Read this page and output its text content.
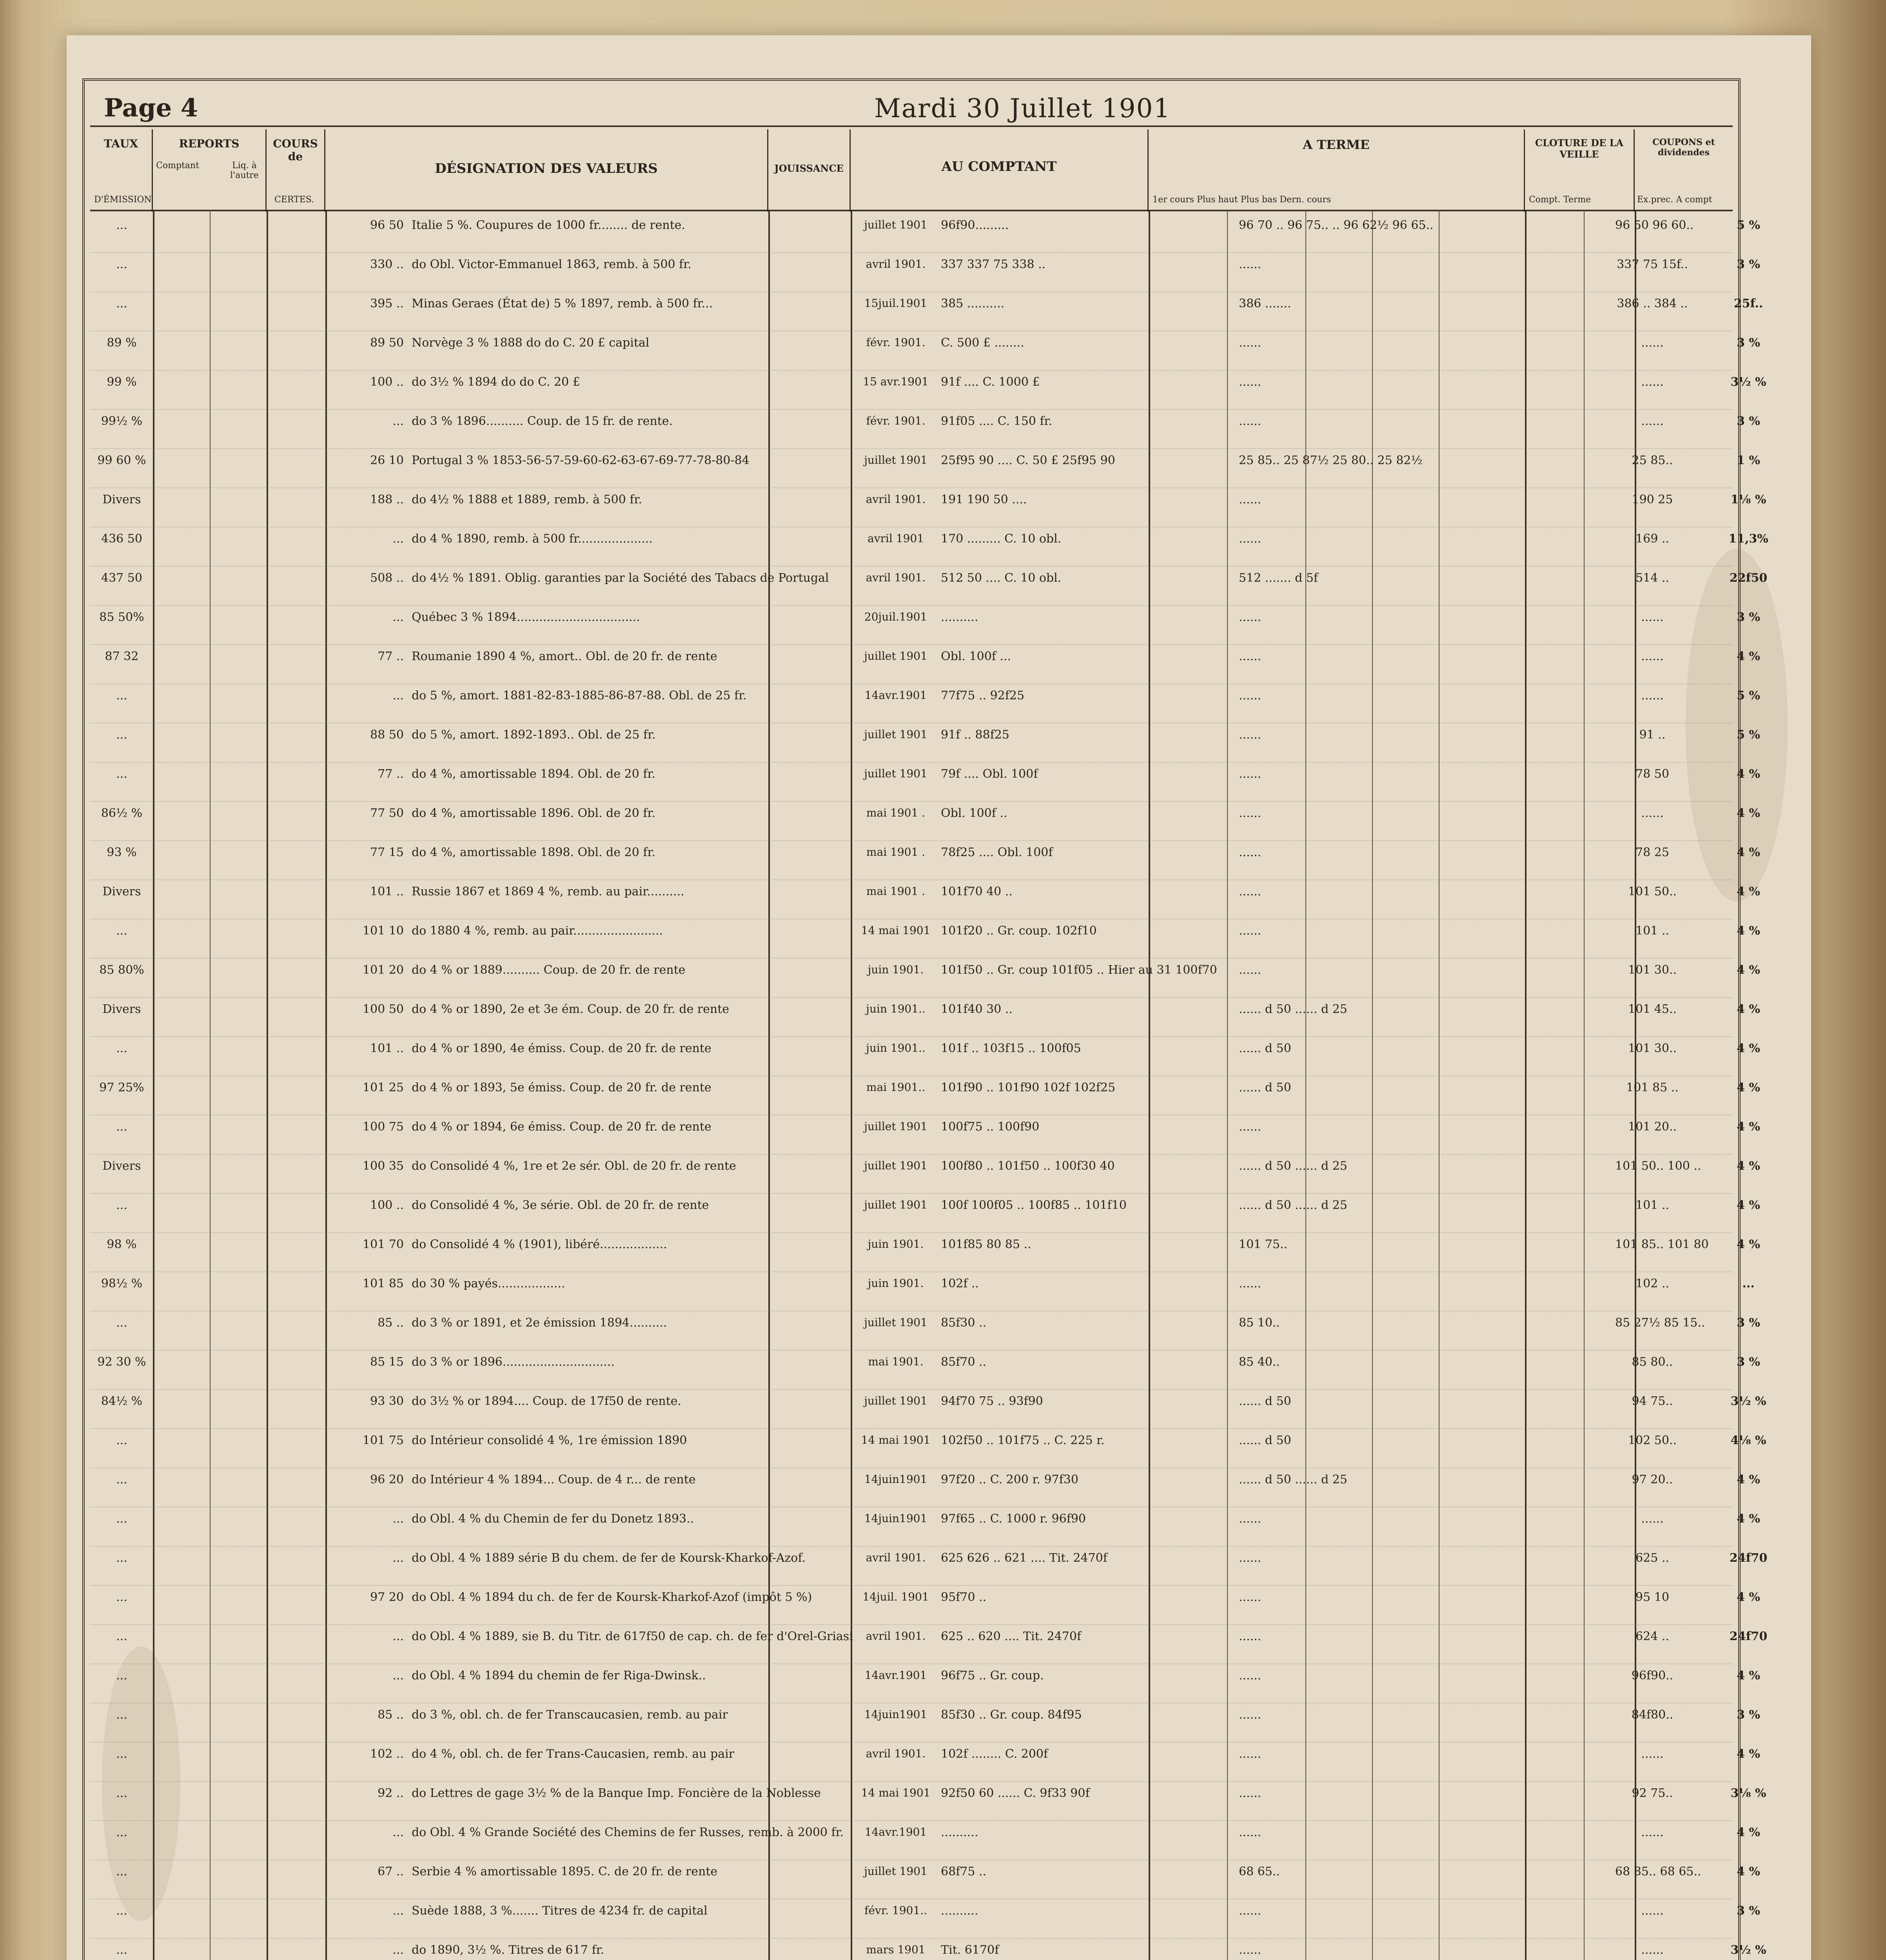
Page 4	Mardi 30 Juillet 1901
TAUX
D'ÉMISSION
REPORTS
Comptant	Liq. à l'autre
COURS de
CERTES.
DÉSIGNATION DES VALEURS	JOUISSANCE	AU COMPTANT
A TERME
1er cours Plus haut Plus bas Dern. cours
CLOTURE DE LA VEILLE
Compt. Terme
COUPONS et dividendes
Ex.prec. A compt
...	96 50 Italie 5 %. Coupures de 1000 fr........ de rente.	juillet 1901	96f90.........	96 70 .. 96 75.. .. 96 62½ 96 65..	96 50 96 60..	5 %
...	330 .. do Obl. Victor-Emmanuel 1863, remb. à 500 fr.	avril 1901.	337 337 75 338 ..	......	337 75 15f..	3 %
...	395 .. Minas Geraes (État de) 5 % 1897, remb. à 500 fr...	15juil.1901	385 ..........	386 .......	386 .. 384 ..	25f..
89 %	89 50 Norvège 3 % 1888 do do C. 20 £ capital	févr. 1901.	C. 500 £ ........	......	......	3 %
99 %	100 .. do 3½ % 1894 do do C. 20 £	15 avr.1901	91f .... C. 1000 £	......	......	3½ %
99½ %	... do 3 % 1896.......... Coup. de 15 fr. de rente.	févr. 1901.	91f05 .... C. 150 fr.	......	......	3 %
99 60 %	26 10 Portugal 3 % 1853-56-57-59-60-62-63-67-69-77-78-80-84	juillet 1901	25f95 90 .... C. 50 £ 25f95 90	25 85.. 25 87½ 25 80.. 25 82½	25 85..	1 %
Divers	188 .. do 4½ % 1888 et 1889, remb. à 500 fr.	avril 1901.	191 190 50 ....	......	190 25	1⅛ %
436 50	... do 4 % 1890, remb. à 500 fr....................	avril 1901	170 ......... C. 10 obl.	......	169 ..	11,3%
437 50	508 .. do 4½ % 1891. Oblig. garanties par la Société des Tabacs de Portugal	avril 1901.	512 50 .... C. 10 obl.	512 ....... d 5f	514 ..	22f50
85 50%	... Québec 3 % 1894.................................	20juil.1901	..........	......	......	3 %
87 32	77 .. Roumanie 1890 4 %, amort.. Obl. de 20 fr. de rente	juillet 1901	Obl. 100f ...	......	......	4 %
...	... do 5 %, amort. 1881-82-83-1885-86-87-88. Obl. de 25 fr.	14avr.1901	77f75 .. 92f25	......	......	5 %
...	88 50 do 5 %, amort. 1892-1893.. Obl. de 25 fr.	juillet 1901	91f .. 88f25	......	91 ..	5 %
...	77 .. do 4 %, amortissable 1894. Obl. de 20 fr.	juillet 1901	79f .... Obl. 100f	......	78 50	4 %
86½ %	77 50 do 4 %, amortissable 1896. Obl. de 20 fr.	mai 1901 .	Obl. 100f ..	......	......	4 %
93 %	77 15 do 4 %, amortissable 1898. Obl. de 20 fr.	mai 1901 .	78f25 .... Obl. 100f	......	78 25	4 %
Divers	101 .. Russie 1867 et 1869 4 %, remb. au pair..........	mai 1901 .	101f70 40 ..	......	101 50..	4 %
...	101 10 do 1880 4 %, remb. au pair........................	14 mai 1901 101f20 .. Gr. coup. 102f10	......	101 ..	4 %
85 80%	101 20 do 4 % or 1889.......... Coup. de 20 fr. de rente	juin 1901.	101f50 .. Gr. coup 101f05 .. Hier au 31 100f70	......	101 30..	4 %
Divers	100 50 do 4 % or 1890, 2e et 3e ém. Coup. de 20 fr. de rente	juin 1901..	101f40 30 ..	...... d 50 ...... d 25	101 45..	4 %
...	101 .. do 4 % or 1890, 4e émiss. Coup. de 20 fr. de rente	juin 1901..	101f .. 103f15 .. 100f05	...... d 50	101 30..	4 %
97 25%	101 25 do 4 % or 1893, 5e émiss. Coup. de 20 fr. de rente	mai 1901..	101f90 .. 101f90 102f 102f25	...... d 50	101 85 ..	4 %
...	100 75 do 4 % or 1894, 6e émiss. Coup. de 20 fr. de rente	juillet 1901	100f75 .. 100f90	......	101 20..	4 %
Divers	100 35 do Consolidé 4 %, 1re et 2e sér. Obl. de 20 fr. de rente	juillet 1901	100f80 .. 101f50 .. 100f30 40	...... d 50 ...... d 25	101 50.. 100 ..	4 %
...	100 .. do Consolidé 4 %, 3e série. Obl. de 20 fr. de rente	juillet 1901	100f 100f05 .. 100f85 .. 101f10	...... d 50 ...... d 25	101 ..	4 %
98 %	101 70 do Consolidé 4 % (1901), libéré..................	juin 1901.	101f85 80 85 ..	101 75..	101 85.. 101 80	4 %
98½ %	101 85 do 30 % payés..................	juin 1901.	102f ..	......	102 ..	...
...	85 .. do 3 % or 1891, et 2e émission 1894..........	juillet 1901	85f30 ..	85 10..	85 27½ 85 15..	3 %
92 30 %	85 15 do 3 % or 1896..............................	mai 1901.	85f70 ..	85 40..	85 80..	3 %
84½ %	93 30 do 3½ % or 1894.... Coup. de 17f50 de rente.	juillet 1901	94f70 75 .. 93f90	...... d 50	94 75..	3½ %
...	101 75 do Intérieur consolidé 4 %, 1re émission 1890	14 mai 1901 102f50 .. 101f75 .. C. 225 r.	...... d 50	102 50..	4⅛ %
...	96 20 do Intérieur 4 % 1894... Coup. de 4 r... de rente	14juin1901	97f20 .. C. 200 r. 97f30	...... d 50 ...... d 25	97 20..	4 %
...	... do Obl. 4 % du Chemin de fer du Donetz 1893..	14juin1901	97f65 .. C. 1000 r. 96f90	......	......	4 %
...	... do Obl. 4 % 1889 série B du chem. de fer de Koursk-Kharkof-Azof.	avril 1901.	625 626 .. 621 .... Tit. 2470f	......	625 ..	24f70
...	97 20 do Obl. 4 % 1894 du ch. de fer de Koursk-Kharkof-Azof (impôt 5 %)	14juil. 1901	95f70 ..	......	95 10	4 %
...	... do Obl. 4 % 1889, sie B. du Titr. de 617f50 de cap. ch. de fer d'Orel-Griasi	avril 1901.	625 .. 620 .... Tit. 2470f	......	624 ..	24f70
...	... do Obl. 4 % 1894 du chemin de fer Riga-Dwinsk..	14avr.1901	96f75 .. Gr. coup.	......	96f90..	4 %
...	85 .. do 3 %, obl. ch. de fer Transcaucasien, remb. au pair	14juin1901	85f30 .. Gr. coup. 84f95	......	84f80..	3 %
...	102 .. do 4 %, obl. ch. de fer Trans-Caucasien, remb. au pair	avril 1901.	102f ........ C. 200f	......	......	4 %
...	92 .. do Lettres de gage 3½ % de la Banque Imp. Foncière de la Noblesse	14 mai 1901 92f50 60 ...... C. 9f33 90f	......	92 75..	3⅛ %
...	... do Obl. 4 % Grande Société des Chemins de fer Russes, remb. à 2000 fr.	14avr.1901	..........	......	......	4 %
...	67 .. Serbie 4 % amortissable 1895. C. de 20 fr. de rente	juillet 1901	68f75 ..	68 65..	68 85.. 68 65..	4 %
...	... Suède 1888, 3 %....... Titres de 4234 fr. de capital	févr. 1901..	..........	......	......	3 %
...	... do 1890, 3½ %. Titres de 617 fr.	mars 1901	Tit. 6170f	......	......	3½ %
